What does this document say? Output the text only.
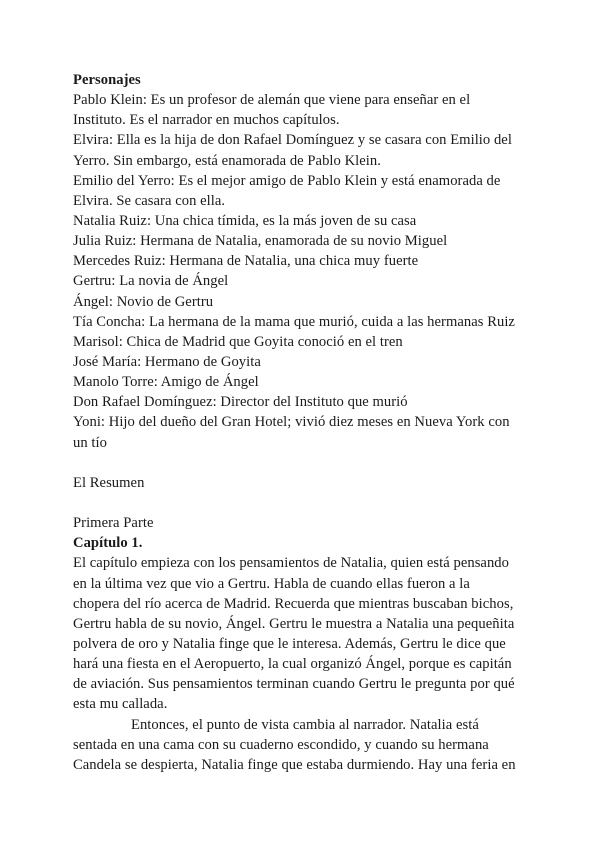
Personajes
Pablo Klein: Es un profesor de alemán que viene para enseñar en el
Instituto. Es el narrador en muchos capítulos.
Elvira: Ella es la hija de don Rafael Domínguez y se casara con Emilio del
Yerro. Sin embargo, está enamorada de Pablo Klein.
Emilio del Yerro: Es el mejor amigo de Pablo Klein y está enamorada de
Elvira. Se casara con ella.
Natalia Ruiz: Una chica tímida, es la más joven de su casa
Julia Ruiz: Hermana de Natalia, enamorada de su novio Miguel
Mercedes Ruiz: Hermana de Natalia, una chica muy fuerte
Gertru: La novia de Ángel
Ángel: Novio de Gertru
Tía Concha: La hermana de la mama que murió, cuida a las hermanas Ruiz
Marisol: Chica de Madrid que Goyita conoció en el tren
José María: Hermano de Goyita
Manolo Torre: Amigo de Ángel
Don Rafael Domínguez: Director del Instituto que murió
Yoni: Hijo del dueño del Gran Hotel; vivió diez meses en Nueva York con
un tío
El Resumen
Primera Parte
Capítulo 1.
El capítulo empieza con los pensamientos de Natalia, quien está pensando
en la última vez que vio a Gertru. Habla de cuando ellas fueron a la
chopera del río acerca de Madrid. Recuerda que mientras buscaban bichos,
Gertru habla de su novio, Ángel. Gertru le muestra a Natalia una pequeñita
polvera de oro y Natalia finge que le interesa. Además, Gertru le dice que
hará una fiesta en el Aeropuerto, la cual organizó Ángel, porque es capitán
de aviación. Sus pensamientos terminan cuando Gertru le pregunta por qué
esta mu callada.
Entonces, el punto de vista cambia al narrador. Natalia está
sentada en una cama con su cuaderno escondido, y cuando su hermana
Candela se despierta, Natalia finge que estaba durmiendo. Hay una feria en
